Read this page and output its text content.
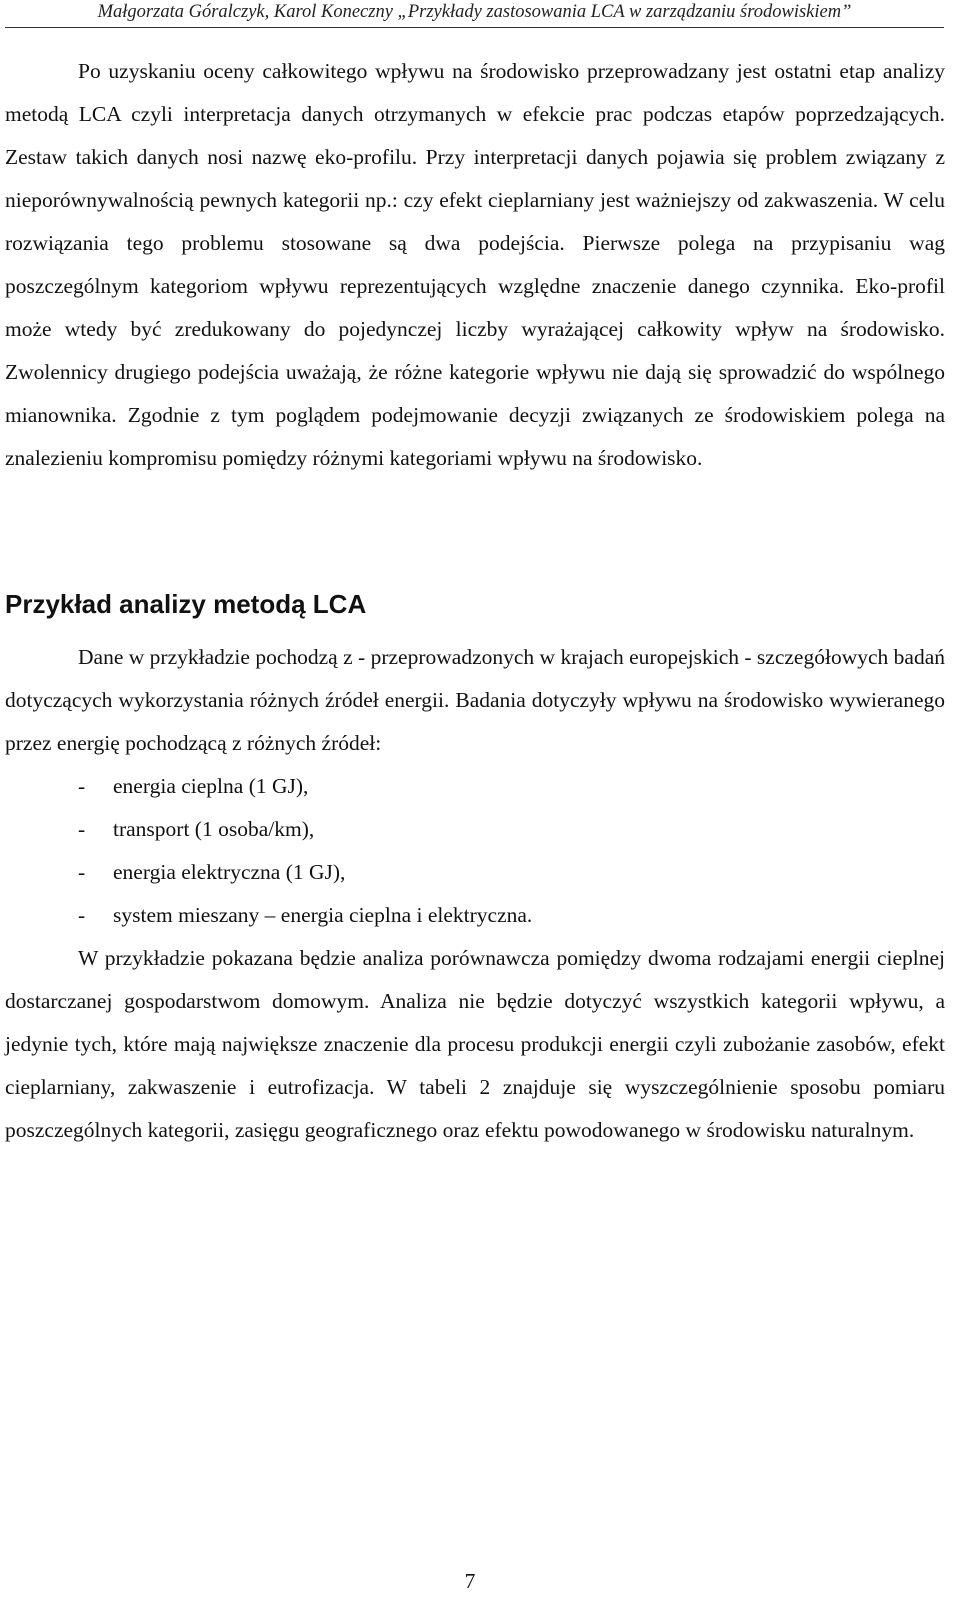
Małgorzata Góralczyk, Karol Koneczny „Przykłady zastosowania LCA w zarządzaniu środowiskiem”

Po uzyskaniu oceny całkowitego wpływu na środowisko przeprowadzany jest ostatni etap analizy metodą LCA czyli interpretacja danych otrzymanych w efekcie prac podczas etapów poprzedzających. Zestaw takich danych nosi nazwę eko-profilu. Przy interpretacji danych pojawia się problem związany z nieporównywalnością pewnych kategorii np.: czy efekt cieplarniany jest ważniejszy od zakwaszenia. W celu rozwiązania tego problemu stosowane są dwa podejścia. Pierwsze polega na przypisaniu wag poszczególnym kategoriom wpływu reprezentujących względne znaczenie danego czynnika. Eko-profil może wtedy być zredukowany do pojedynczej liczby wyrażającej całkowity wpływ na środowisko. Zwolennicy drugiego podejścia uważają, że różne kategorie wpływu nie dają się sprowadzić do wspólnego mianownika. Zgodnie z tym poglądem podejmowanie decyzji związanych ze środowiskiem polega na znalezieniu kompromisu pomiędzy różnymi kategoriami wpływu na środowisko.

Przykład analizy metodą LCA

Dane w przykładzie pochodzą z - przeprowadzonych w krajach europejskich - szczegółowych badań dotyczących wykorzystania różnych źródeł energii. Badania dotyczyły wpływu na środowisko wywieranego przez energię pochodzącą z różnych źródeł:

- energia cieplna (1 GJ),
- transport (1 osoba/km),
- energia elektryczna (1 GJ),
- system mieszany – energia cieplna i elektryczna.

W przykładzie pokazana będzie analiza porównawcza pomiędzy dwoma rodzajami energii cieplnej dostarczanej gospodarstwom domowym. Analiza nie będzie dotyczyć wszystkich kategorii wpływu, a jedynie tych, które mają największe znaczenie dla procesu produkcji energii czyli zubożanie zasobów, efekt cieplarniany, zakwaszenie i eutrofizacja. W tabeli 2 znajduje się wyszczególnienie sposobu pomiaru poszczególnych kategorii, zasięgu geograficznego oraz efektu powodowanego w środowisku naturalnym.

7
